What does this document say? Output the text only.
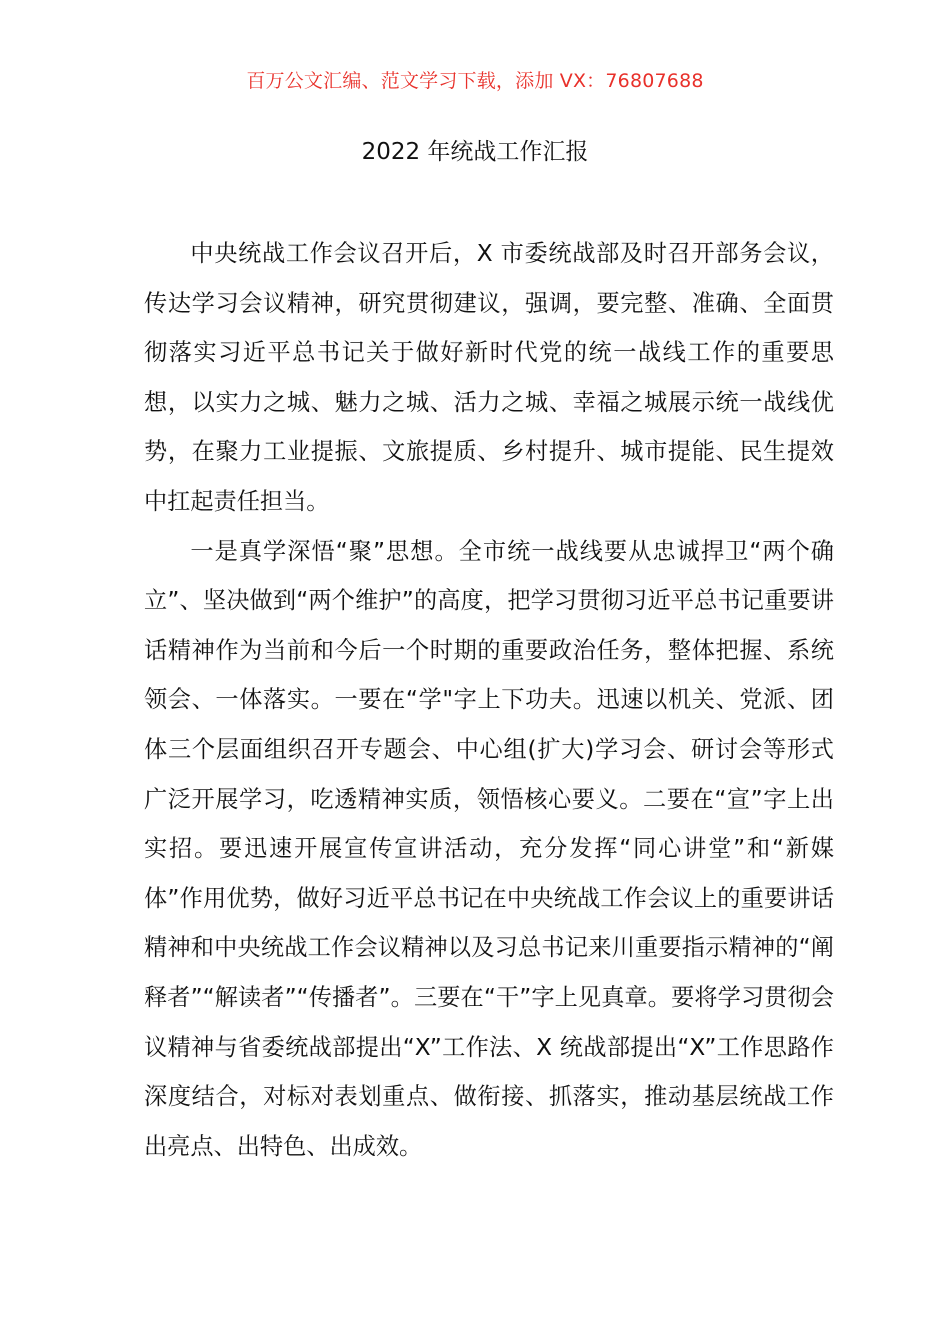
百万公文汇编、范文学习下载，添加 VX：76807688
2022 年统战工作汇报

中央统战工作会议召开后，X 市委统战部及时召开部务会议，传达学习会议精神，研究贯彻建议，强调，要完整、准确、全面贯彻落实习近平总书记关于做好新时代党的统一战线工作的重要思想，以实力之城、魅力之城、活力之城、幸福之城展示统一战线优势，在聚力工业提振、文旅提质、乡村提升、城市提能、民生提效中扛起责任担当。

一是真学深悟“聚”思想。全市统一战线要从忠诚捍卫“两个确立”、坚决做到“两个维护”的高度，把学习贯彻习近平总书记重要讲话精神作为当前和今后一个时期的重要政治任务，整体把握、系统领会、一体落实。一要在“学"字上下功夫。迅速以机关、党派、团体三个层面组织召开专题会、中心组(扩大)学习会、研讨会等形式广泛开展学习，吃透精神实质，领悟核心要义。二要在“宣”字上出实招。要迅速开展宣传宣讲活动，充分发挥“同心讲堂”和“新媒体”作用优势，做好习近平总书记在中央统战工作会议上的重要讲话精神和中央统战工作会议精神以及习总书记来川重要指示精神的“阐释者”“解读者”“传播者”。三要在“干”字上见真章。要将学习贯彻会议精神与省委统战部提出“X”工作法、X 统战部提出“X”工作思路作深度结合，对标对表划重点、做衔接、抓落实，推动基层统战工作出亮点、出特色、出成效。
